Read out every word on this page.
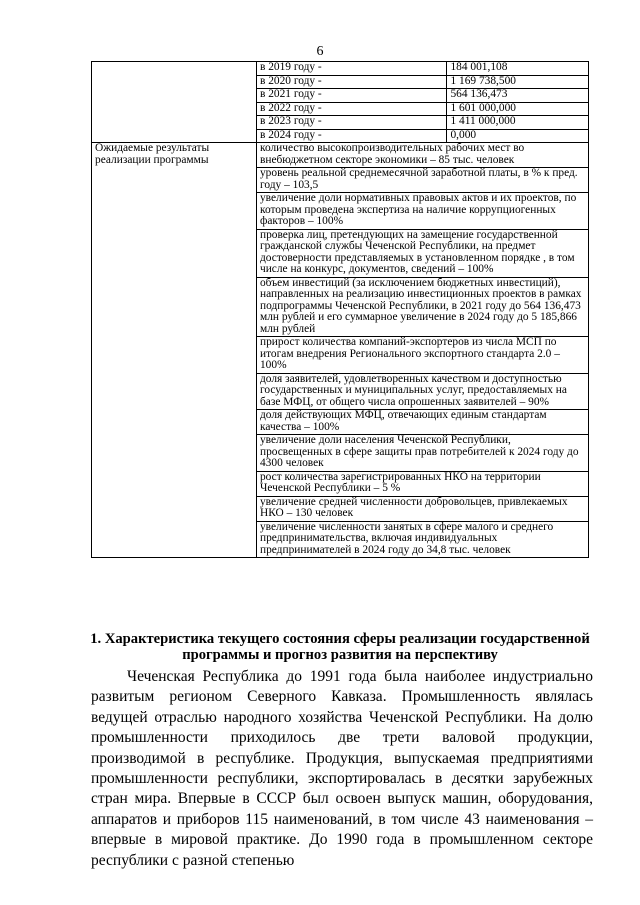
6
	в 2019 году -	184 001,108
	в 2020 году -	1 169 738,500
	в 2021 году -	564 136,473
	в 2022 году -	1 601 000,000
	в 2023 году -	1 411 000,000
	в 2024 году -	0,000
Ожидаемые результаты реализации программы	количество высокопроизводительных рабочих мест во внебюджетном секторе экономики – 85 тыс. человек	
	уровень реальной среднемесячной заработной платы, в % к пред. году – 103,5	
	увеличение доли нормативных правовых актов и их проектов, по которым проведена экспертиза на наличие коррупциогенных факторов – 100%	
	проверка лиц, претендующих на замещение государственной гражданской службы Чеченской Республики, на предмет достоверности представляемых в установленном порядке , в том числе на конкурс, документов, сведений – 100%	
	объем инвестиций (за исключением бюджетных инвестиций), направленных на реализацию инвестиционных проектов в рамках подпрограммы Чеченской Республики, в 2021 году до 564 136,473 млн рублей и его суммарное увеличение в 2024 году до 5 185,866 млн рублей	
	прирост количества компаний-экспортеров из числа МСП по итогам внедрения Регионального экспортного стандарта 2.0 –100%	
	доля заявителей, удовлетворенных качеством и доступностью государственных и муниципальных услуг, предоставляемых на базе МФЦ, от общего числа опрошенных заявителей – 90%	
	доля действующих МФЦ, отвечающих единым стандартам качества – 100%	
	увеличение доли населения Чеченской Республики, просвещенных в сфере защиты прав потребителей к 2024 году до 4300 человек	
	рост количества зарегистрированных НКО на территории Чеченской Республики – 5 %	
	увеличение средней численности добровольцев, привлекаемых НКО – 130 человек	
	увеличение численности занятых в сфере малого и среднего предпринимательства, включая индивидуальных предпринимателей в 2024 году до 34,8 тыс. человек	
1. Характеристика текущего состояния сферы реализации государственной программы и прогноз развития на перспективу

Чеченская Республика до 1991 года была наиболее индустриально развитым регионом Северного Кавказа. Промышленность являлась ведущей отраслью народного хозяйства Чеченской Республики. На долю промышленности приходилось две трети валовой продукции, производимой в республике. Продукция, выпускаемая предприятиями промышленности республики, экспортировалась в десятки зарубежных стран мира. Впервые в СССР был освоен выпуск машин, оборудования, аппаратов и приборов 115 наименований, в том числе 43 наименования – впервые в мировой практике. До 1990 года в промышленном секторе республики с разной степенью
